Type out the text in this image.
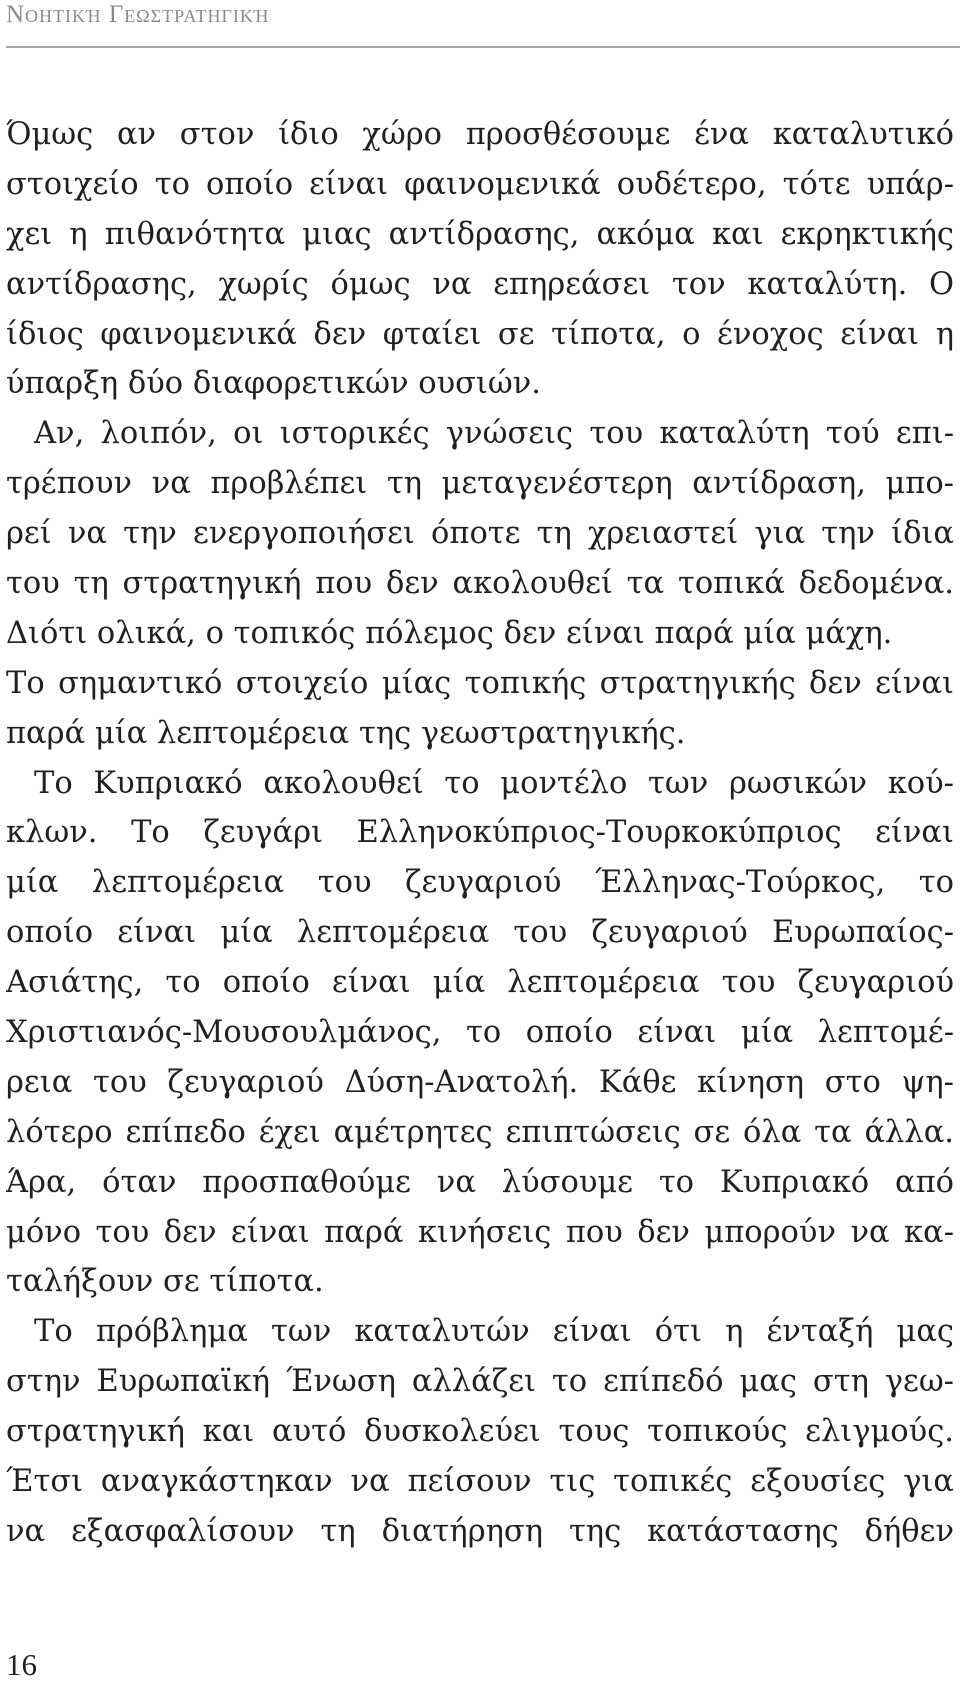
Νοητική Γεωστρατηγική
Όμως αν στον ίδιο χώρο προσθέσουμε ένα καταλυτικό
στοιχείο το οποίο είναι φαινομενικά ουδέτερο, τότε υπάρ-
χει η πιθανότητα μιας αντίδρασης, ακόμα και εκρηκτικής
αντίδρασης, χωρίς όμως να επηρεάσει τον καταλύτη. Ο
ίδιος φαινομενικά δεν φταίει σε τίποτα, ο ένοχος είναι η
ύπαρξη δύο διαφορετικών ουσιών.
Αν, λοιπόν, οι ιστορικές γνώσεις του καταλύτη τού επι-
τρέπουν να προβλέπει τη μεταγενέστερη αντίδραση, μπο-
ρεί να την ενεργοποιήσει όποτε τη χρειαστεί για την ίδια
του τη στρατηγική που δεν ακολουθεί τα τοπικά δεδομένα.
Διότι ολικά, ο τοπικός πόλεμος δεν είναι παρά μία μάχη.
Το σημαντικό στοιχείο μίας τοπικής στρατηγικής δεν είναι
παρά μία λεπτομέρεια της γεωστρατηγικής.
Το Κυπριακό ακολουθεί το μοντέλο των ρωσικών κού-
κλων. Το ζευγάρι Ελληνοκύπριος-Τουρκοκύπριος είναι
μία λεπτομέρεια του ζευγαριού Έλληνας-Τούρκος, το
οποίο είναι μία λεπτομέρεια του ζευγαριού Ευρωπαίος-
Ασιάτης, το οποίο είναι μία λεπτομέρεια του ζευγαριού
Χριστιανός-Μουσουλμάνος, το οποίο είναι μία λεπτομέ-
ρεια του ζευγαριού Δύση-Ανατολή. Κάθε κίνηση στο ψη-
λότερο επίπεδο έχει αμέτρητες επιπτώσεις σε όλα τα άλλα.
Άρα, όταν προσπαθούμε να λύσουμε το Κυπριακό από
μόνο του δεν είναι παρά κινήσεις που δεν μπορούν να κα-
ταλήξουν σε τίποτα.
Το πρόβλημα των καταλυτών είναι ότι η ένταξή μας
στην Ευρωπαϊκή Ένωση αλλάζει το επίπεδό μας στη γεω-
στρατηγική και αυτό δυσκολεύει τους τοπικούς ελιγμούς.
Έτσι αναγκάστηκαν να πείσουν τις τοπικές εξουσίες για
να εξασφαλίσουν τη διατήρηση της κατάστασης δήθεν
16
